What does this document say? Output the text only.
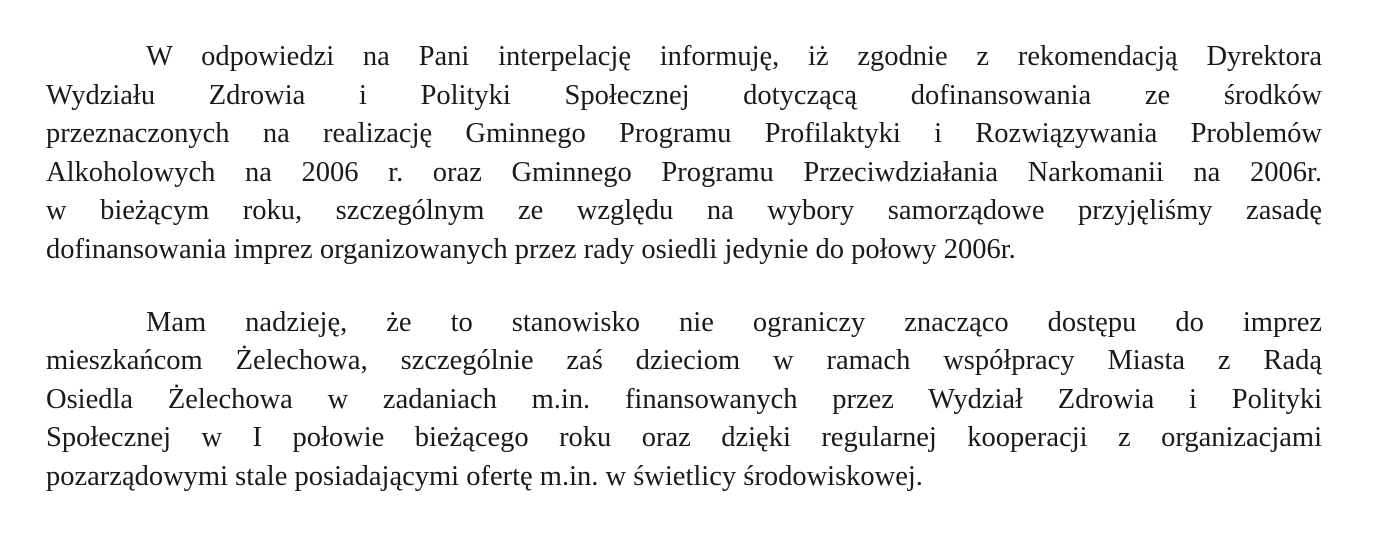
W odpowiedzi na Pani interpelację informuję, iż zgodnie z rekomendacją Dyrektora
Wydziału Zdrowia i Polityki Społecznej dotyczącą dofinansowania ze środków
przeznaczonych na realizację Gminnego Programu Profilaktyki i Rozwiązywania Problemów
Alkoholowych na 2006 r. oraz Gminnego Programu Przeciwdziałania Narkomanii na 2006r.
w bieżącym roku, szczególnym ze względu na wybory samorządowe przyjęliśmy zasadę
dofinansowania imprez organizowanych przez rady osiedli jedynie do połowy 2006r.

Mam nadzieję, że to stanowisko nie ograniczy znacząco dostępu do imprez
mieszkańcom Żelechowa, szczególnie zaś dzieciom w ramach współpracy Miasta z Radą
Osiedla Żelechowa w zadaniach m.in. finansowanych przez Wydział Zdrowia i Polityki
Społecznej w I połowie bieżącego roku oraz dzięki regularnej kooperacji z organizacjami
pozarządowymi stale posiadającymi ofertę m.in. w świetlicy środowiskowej.
